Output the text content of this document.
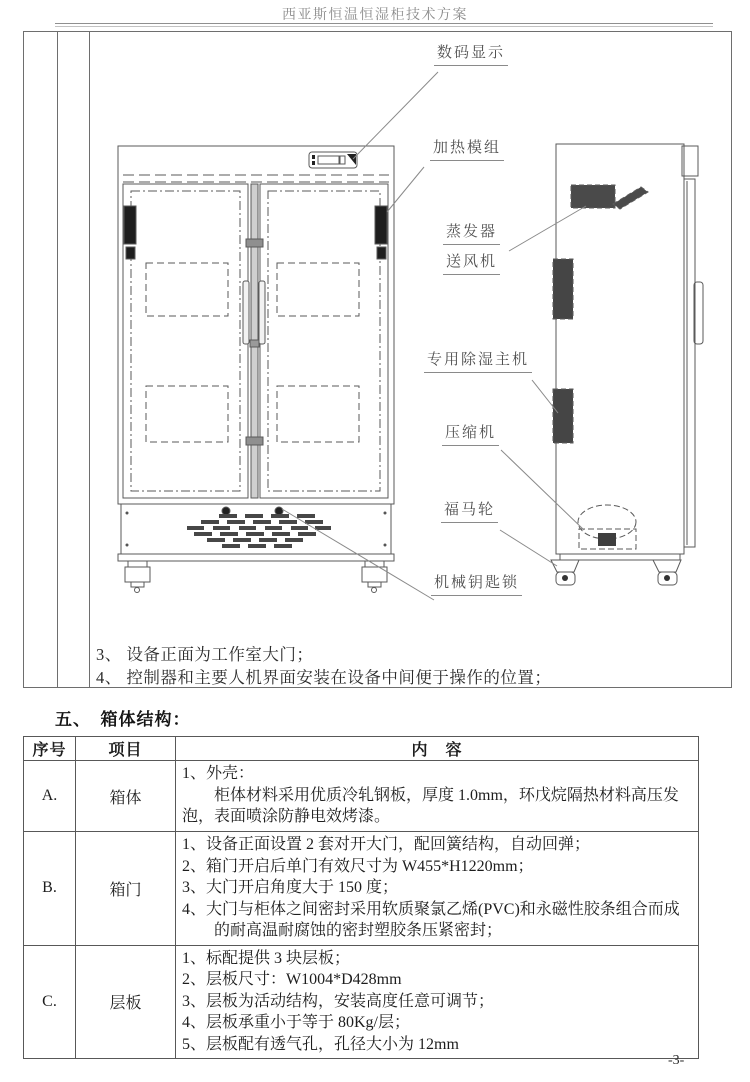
西亚斯恒温恒湿柜技术方案
数码显示
加热模组
蒸发器
送风机
专用除湿主机
压缩机
福马轮
机械钥匙锁
3、 设备正面为工作室大门；
4、 控制器和主要人机界面安装在设备中间便于操作的位置；
五、　箱体结构：
序号	项目	内　容
A.	箱体	1、外壳：
　　柜体材料采用优质冷轧钢板，厚度 1.0mm，环戊烷隔热材料高压发泡，表面喷涂防静电效烤漆。

B.	箱门	1、设备正面设置 2 套对开大门，配回簧结构，自动回弹；
2、箱门开启后单门有效尺寸为 W455*H1220mm；
3、大门开启角度大于 150 度；
4、大门与柜体之间密封采用软质聚氯乙烯(PVC)和永磁性胶条组合而成的耐高温耐腐蚀的密封塑胶条压紧密封；

C.	层板	1、标配提供 3 块层板；
2、层板尺寸：W1004*D428mm
3、层板为活动结构，安装高度任意可调节；
4、层板承重小于等于 80Kg/层；
5、层板配有透气孔，孔径大小为 12mm
-3-
